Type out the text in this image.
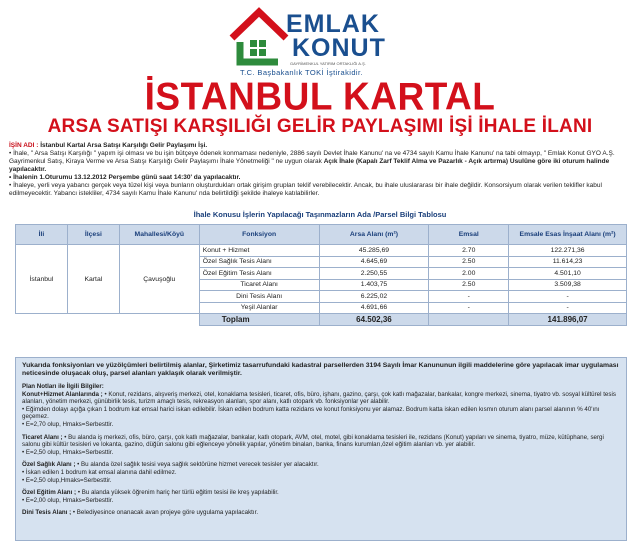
EMLAK
KONUT
GAYRİMENKUL YATIRIM ORTAKLIĞI A.Ş.
T.C. Başbakanlık TOKİ İştirakidir.
İSTANBUL KARTAL
ARSA SATIŞI KARŞILIĞI GELİR PAYLAŞIMI İŞİ İHALE İLANI

İŞİN ADI : İstanbul Kartal Arsa Satışı Karşılığı Gelir Paylaşımı İşi.

• İhale, " Arsa Satışı Karşılığı " yapım işi olması ve bu işin bütçeye ödenek konmaması nedeniyle, 2886 sayılı Devlet İhale Kanunu' na ve 4734 sayılı Kamu İhale Kanunu' na tabi olmayıp, " Emlak Konut GYO A.Ş. Gayrimenkul Satış, Kiraya Verme ve Arsa Satışı Karşılığı Gelir Paylaşımı İhale Yönetmeliği " ne uygun olarak Açık İhale (Kapalı Zarf Teklif Alma ve Pazarlık - Açık artırma) Usulüne göre iki oturum halinde yapılacaktır.

• İhalenin 1.Oturumu 13.12.2012 Perşembe günü saat 14:30' da yapılacaktır.

• İhaleye, yerli veya yabancı gerçek veya tüzel kişi veya bunların oluşturdukları ortak girişim grupları teklif verebilecektir. Ancak, bu ihale uluslararası bir ihale değildir. Konsorsiyum olarak verilen teklifler kabul edilmeyecektir. Yabancı istekliler, 4734 sayılı Kamu İhale Kanunu' nda belirtildiği şekilde ihaleye katılabilirler.

İhale Konusu İşlerin Yapılacağı Taşınmazların Ada /Parsel Bilgi Tablosu
İli	İlçesi	Mahallesi/Köyü	Fonksiyon	Arsa Alanı (m²)	Emsal	Emsale Esas İnşaat Alanı (m²)
İstanbul	Kartal	Çavuşoğlu	Konut + Hizmet	45.285,69	2.70	122.271,36
			Özel Sağlık Tesis Alanı	4.645,69	2.50	11.614,23
			Özel Eğitim Tesis Alanı	2.250,55	2.00	4.501,10
			Ticaret Alanı	1.403,75	2.50	3.509,38
			Dini Tesis Alanı	6.225,02	-	-
			Yeşil Alanlar	4.691,66	-	-
			Toplam	64.502,36		141.896,07

Yukarıda fonksiyonları ve yüzölçümleri belirtilmiş alanlar, Şirketimiz tasarrufundaki kadastral parsellerden 3194 Sayılı İmar Kanununun ilgili maddelerine göre yapılacak imar uygulaması neticesinde oluşacak oluş, parsel alanları yaklaşık olarak verilmiştir.

Plan Notları ile İlgili Bilgiler:

Konut+Hizmet Alanlarında ; • Konut, rezidans, alışveriş merkezi, otel, konaklama tesisleri, ticaret, ofis, büro, işhanı, gazino, çarşı, çok katlı mağazalar, bankalar, kongre merkezi, sinema, tiyatro vb. sosyal kültürel tesis alanları, yönetim merkezi, günübirlik tesis, turizm amaçlı tesis, rekreasyon alanları, spor alanı, katlı otopark vb. fonksiyonlar yer alabilir.

• Eğimden dolayı açığa çıkan 1 bodrum kat emsal harici iskan edilebilir. İskan edilen bodrum katta rezidans ve konut fonksiyonu yer alamaz. Bodrum katta iskan edilen kısmın oturum alanı parsel alanının % 40'ını geçemez.

• E=2,70 olup, Hmaks=Serbesttir.

Ticaret Alanı ; • Bu alanda iş merkezi, ofis, büro, çarşı, çok katlı mağazalar, bankalar, katlı otopark, AVM, otel, motel, gibi konaklama tesisleri ile, rezidans (Konut) yapıları ve sinema, tiyatro, müze, kütüphane, sergi salonu gibi kültür tesisleri ve lokanta, gazino, düğün salonu gibi eğlenceye yönelik yapılar, yönetim binaları, banka, finans kurumları,özel eğitim alanları vb. yer alabilir.

• E=2,50 olup, Hmaks=Serbesttir.

Özel Sağlık Alanı ; • Bu alanda özel sağlık tesisi veya sağlık sektörüne hizmet verecek tesisler yer alacaktır.

• İskan edilen 1 bodrum kat emsal alanına dahil edilmez.

• E=2,50 olup,Hmaks=Serbesttir.

Özel Eğitim Alanı ; • Bu alanda yüksek öğrenim hariç her türlü eğitim tesisi ile kreş yapılabilir.

• E=2,00 olup, Hmaks=Serbesttir.

Dini Tesis Alanı ; • Belediyesince onanacak avan projeye göre uygulama yapılacaktır.
